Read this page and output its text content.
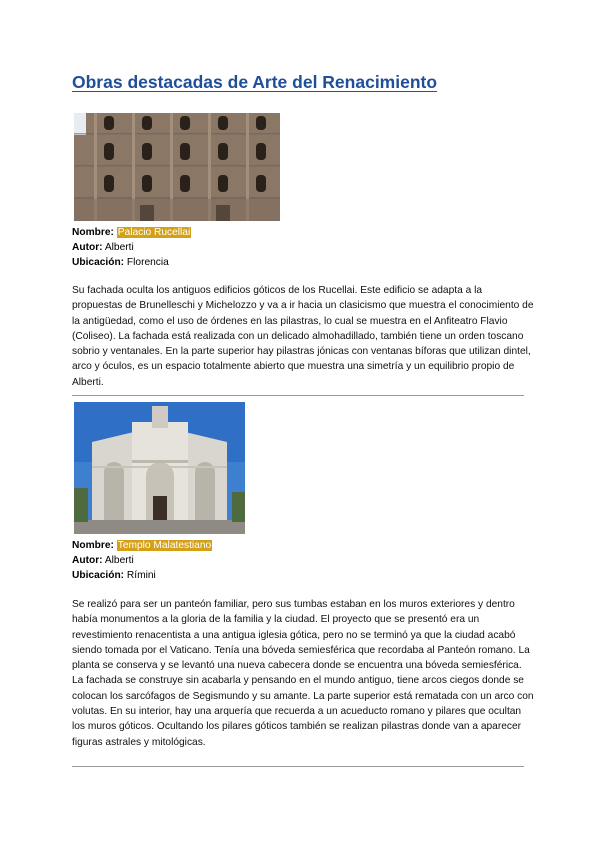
Obras destacadas de Arte del Renacimiento
Nombre: Palacio Rucellai
Autor: Alberti
Ubicación: Florencia
Su fachada oculta los antiguos edificios góticos de los Rucellai. Este edificio se adapta a la propuestas de Brunelleschi y Michelozzo y va a ir hacia un clasicismo que muestra el conocimiento de la antigüedad, como el uso de órdenes en las pilastras, lo cual se muestra en el Anfiteatro Flavio (Coliseo). La fachada está realizada con un delicado almohadillado, también tiene un orden toscano sobrio y ventanales. En la parte superior hay pilastras jónicas con ventanas bíforas que utilizan dintel, arco y óculos, es un espacio totalmente abierto que muestra una simetría y un equilibrio propio de Alberti.
Nombre: Templo Malatestiano
Autor: Alberti
Ubicación: Rímini
Se realizó para ser un panteón familiar, pero sus tumbas estaban en los muros exteriores y dentro había monumentos a la gloria de la familia y la ciudad. El proyecto que se presentó era un revestimiento renacentista a una antigua iglesia gótica, pero no se terminó ya que la ciudad acabó siendo tomada por el Vaticano. Tenía una bóveda semiesférica que recordaba al Panteón romano. La planta se conserva y se levantó una nueva cabecera donde se encuentra una bóveda semiesférica. La fachada se construye sin acabarla y pensando en el mundo antiguo, tiene arcos ciegos donde se colocan los sarcófagos de Segismundo y su amante. La parte superior está rematada con un arco con volutas. En su interior, hay una arquería que recuerda a un acueducto romano y pilares que ocultan los muros góticos. Ocultando los pilares góticos también se realizan pilastras donde van a aparecer figuras astrales y mitológicas.
